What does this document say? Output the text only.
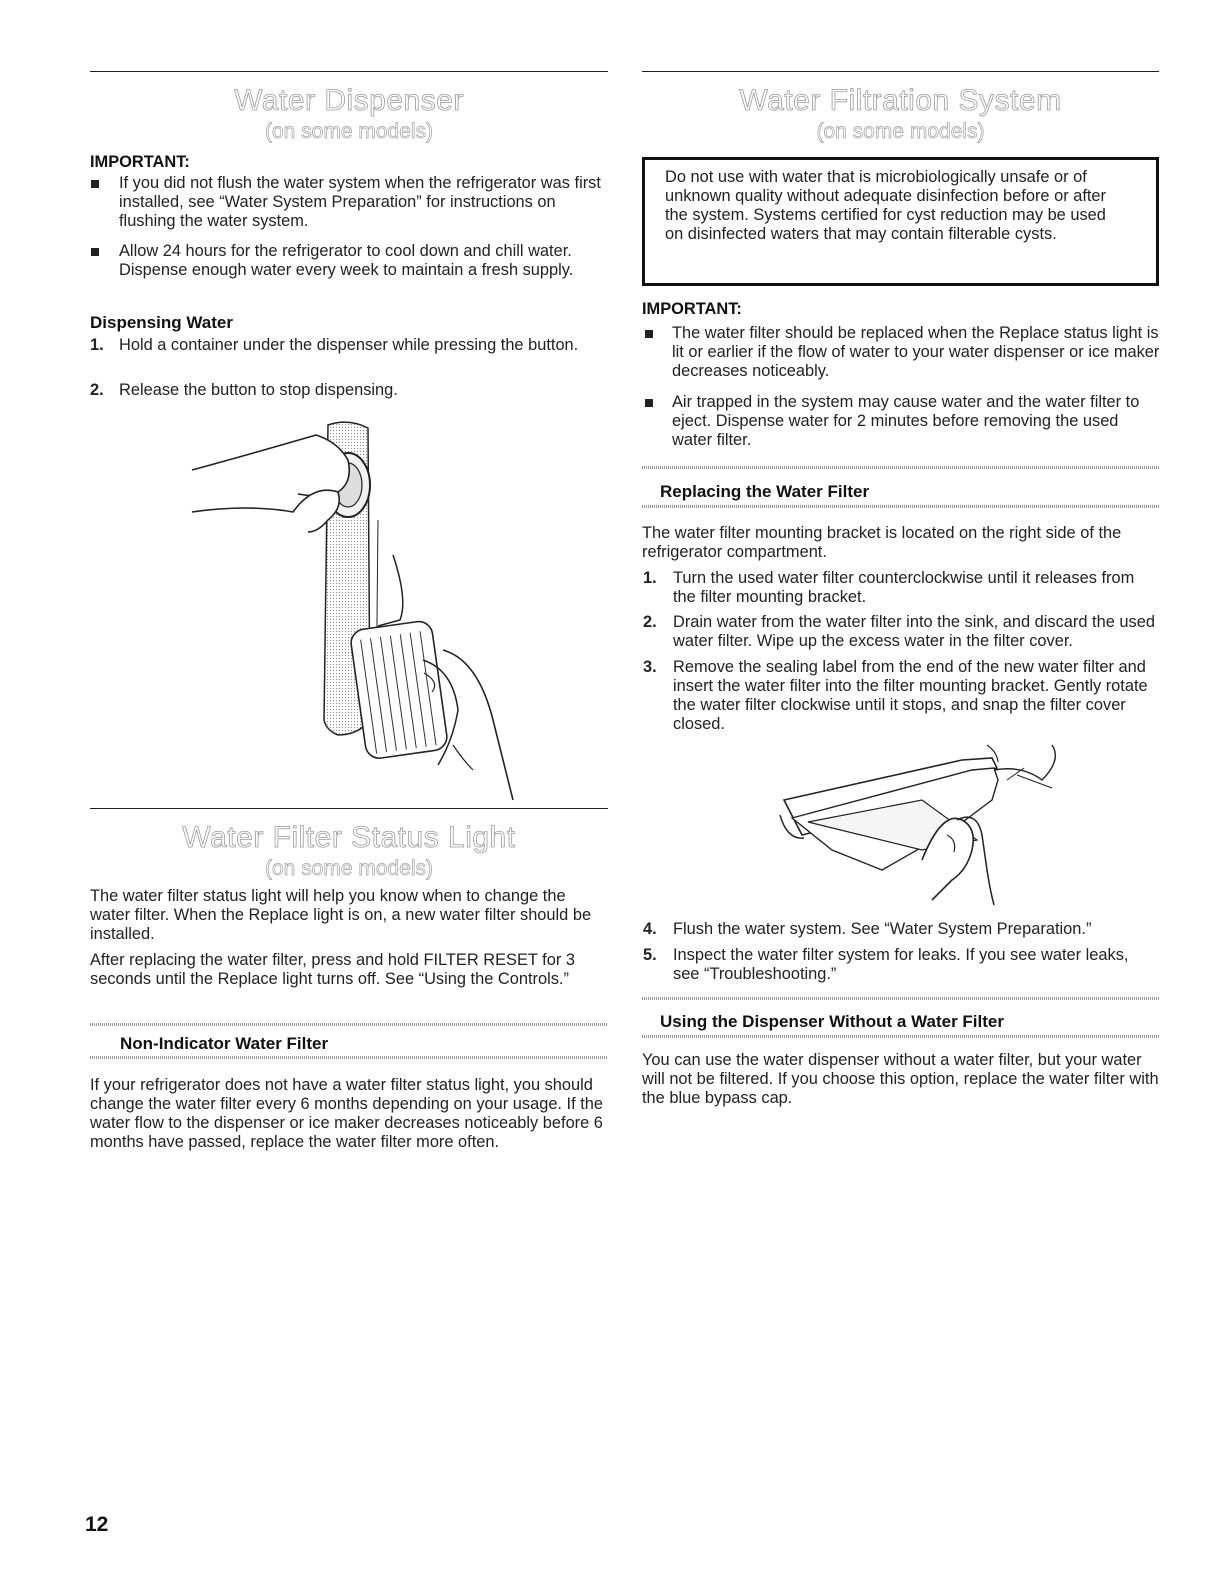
Water Dispenser
(on some models)
IMPORTANT:
If you did not flush the water system when the refrigerator was first installed, see “Water System Preparation” for instructions on flushing the water system.
Allow 24 hours for the refrigerator to cool down and chill water. Dispense enough water every week to maintain a fresh supply.
Dispensing Water
1. Hold a container under the dispenser while pressing the button.
2. Release the button to stop dispensing.
Water Filter Status Light
(on some models)
The water filter status light will help you know when to change the water filter. When the Replace light is on, a new water filter should be installed.
After replacing the water filter, press and hold FILTER RESET for 3 seconds until the Replace light turns off. See “Using the Controls.”
Non-Indicator Water Filter
If your refrigerator does not have a water filter status light, you should change the water filter every 6 months depending on your usage. If the water flow to the dispenser or ice maker decreases noticeably before 6 months have passed, replace the water filter more often.
Water Filtration System
(on some models)
Do not use with water that is microbiologically unsafe or of unknown quality without adequate disinfection before or after the system. Systems certified for cyst reduction may be used on disinfected waters that may contain filterable cysts.
IMPORTANT:
The water filter should be replaced when the Replace status light is lit or earlier if the flow of water to your water dispenser or ice maker decreases noticeably.
Air trapped in the system may cause water and the water filter to eject. Dispense water for 2 minutes before removing the used water filter.
Replacing the Water Filter
The water filter mounting bracket is located on the right side of the refrigerator compartment.
1. Turn the used water filter counterclockwise until it releases from the filter mounting bracket.
2. Drain water from the water filter into the sink, and discard the used water filter. Wipe up the excess water in the filter cover.
3. Remove the sealing label from the end of the new water filter and insert the water filter into the filter mounting bracket. Gently rotate the water filter clockwise until it stops, and snap the filter cover closed.
4. Flush the water system. See “Water System Preparation.”
5. Inspect the water filter system for leaks. If you see water leaks, see “Troubleshooting.”
Using the Dispenser Without a Water Filter
You can use the water dispenser without a water filter, but your water will not be filtered. If you choose this option, replace the water filter with the blue bypass cap.
12
